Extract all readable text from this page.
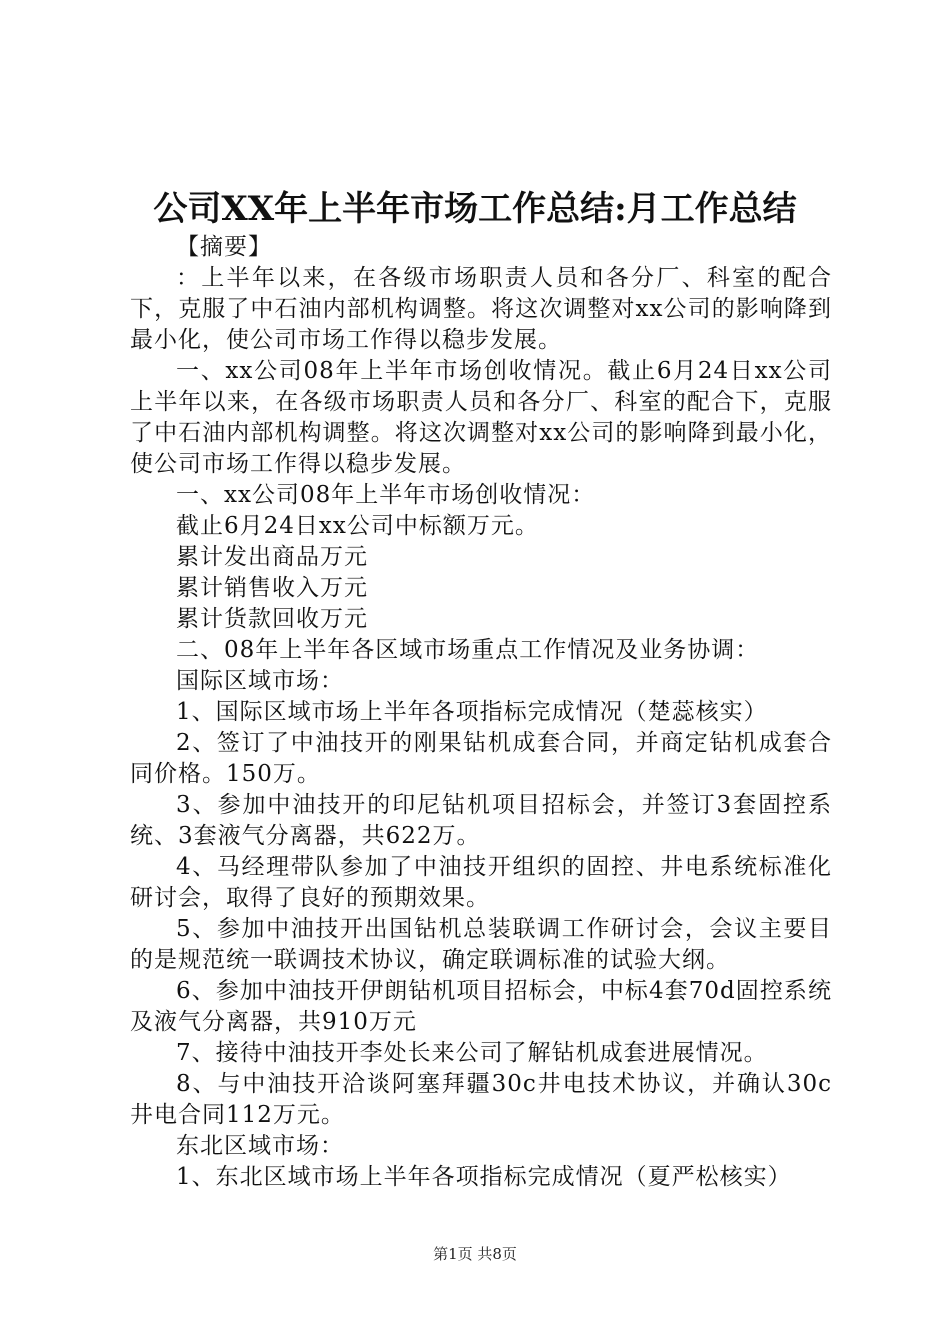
公司XX年上半年市场工作总结:月工作总结

【摘要】

：上半年以来，在各级市场职责人员和各分厂、科室的配合下，克服了中石油内部机构调整。将这次调整对xx公司的影响降到最小化，使公司市场工作得以稳步发展。

一、xx公司08年上半年市场创收情况。截止6月24日xx公司上半年以来，在各级市场职责人员和各分厂、科室的配合下，克服了中石油内部机构调整。将这次调整对xx公司的影响降到最小化，使公司市场工作得以稳步发展。

一、xx公司08年上半年市场创收情况：

截止6月24日xx公司中标额万元。

累计发出商品万元

累计销售收入万元

累计货款回收万元

二、08年上半年各区域市场重点工作情况及业务协调：

国际区域市场：

1、国际区域市场上半年各项指标完成情况（楚蕊核实）

2、签订了中油技开的刚果钻机成套合同，并商定钻机成套合同价格。150万。

3、参加中油技开的印尼钻机项目招标会，并签订3套固控系统、3套液气分离器，共622万。

4、马经理带队参加了中油技开组织的固控、井电系统标准化研讨会，取得了良好的预期效果。

5、参加中油技开出国钻机总装联调工作研讨会，会议主要目的是规范统一联调技术协议，确定联调标准的试验大纲。

6、参加中油技开伊朗钻机项目招标会，中标4套70d固控系统及液气分离器，共910万元

7、接待中油技开李处长来公司了解钻机成套进展情况。

8、与中油技开洽谈阿塞拜疆30c井电技术协议，并确认30c井电合同112万元。

东北区域市场：

1、东北区域市场上半年各项指标完成情况（夏严松核实）

第1页 共8页
